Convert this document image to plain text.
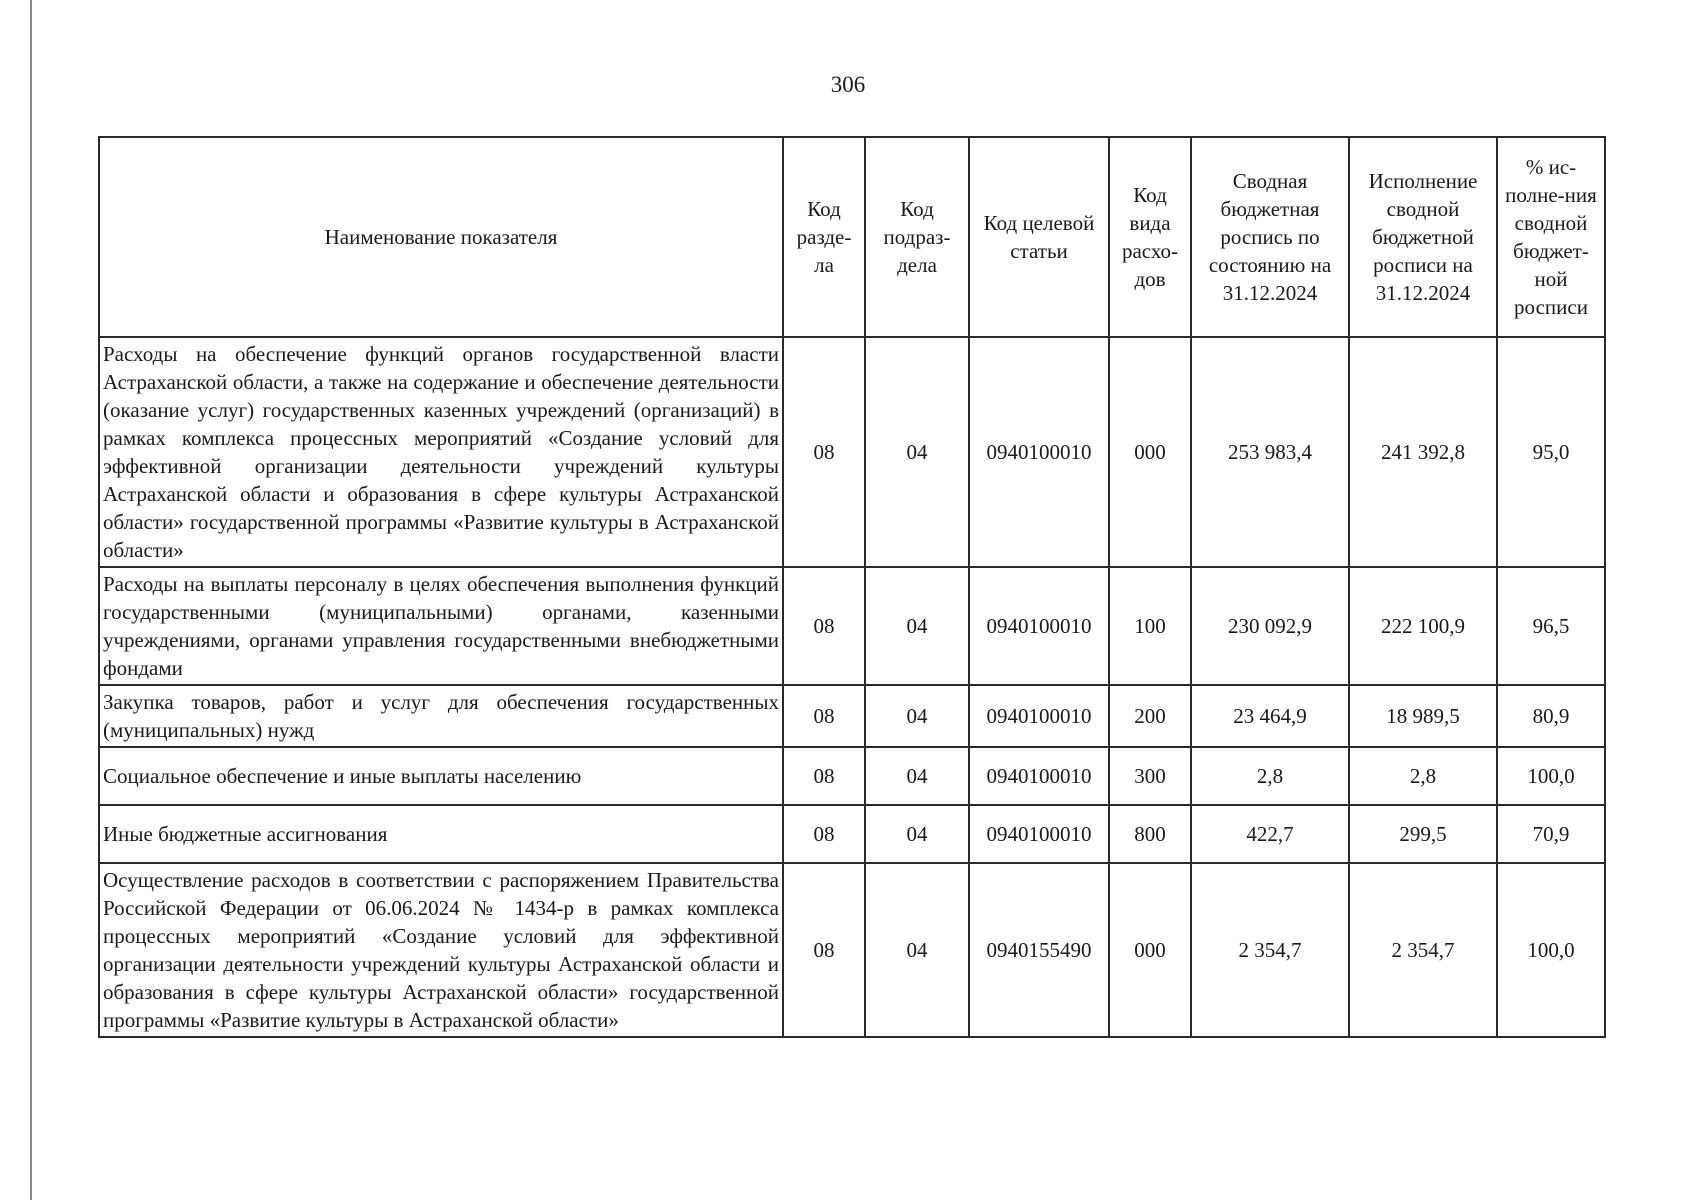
306
Наименование показателя	Код разде-ла	Код подраз-дела	Код целевой статьи	Код вида расхо-дов	Сводная бюджетная роспись по состоянию на 31.12.2024	Исполнение сводной бюджетной росписи на 31.12.2024	% ис-полне-ния сводной бюджет-ной росписи
Расходы на обеспечение функций органов государственной власти Астраханской области, а также на содержание и обеспечение деятельности (оказание услуг) государственных казенных учреждений (организаций) в рамках комплекса процессных мероприятий «Создание условий для эффективной организации деятельности учреждений культуры Астраханской области и образования в сфере культуры Астраханской области» государственной программы «Развитие культуры в Астраханской области»	08	04	0940100010	000	253 983,4	241 392,8	95,0
Расходы на выплаты персоналу в целях обеспечения выполнения функций государственными (муниципальными) органами, казенными учреждениями, органами управления государственными внебюджетными фондами	08	04	0940100010	100	230 092,9	222 100,9	96,5
Закупка товаров, работ и услуг для обеспечения государственных (муниципальных) нужд	08	04	0940100010	200	23 464,9	18 989,5	80,9
Социальное обеспечение и иные выплаты населению	08	04	0940100010	300	2,8	2,8	100,0
Иные бюджетные ассигнования	08	04	0940100010	800	422,7	299,5	70,9
Осуществление расходов в соответствии с распоряжением Правительства Российской Федерации от 06.06.2024 № 1434-р в рамках комплекса процессных мероприятий «Создание условий для эффективной организации деятельности учреждений культуры Астраханской области и образования в сфере культуры Астраханской области» государственной программы «Развитие культуры в Астраханской области»	08	04	0940155490	000	2 354,7	2 354,7	100,0
